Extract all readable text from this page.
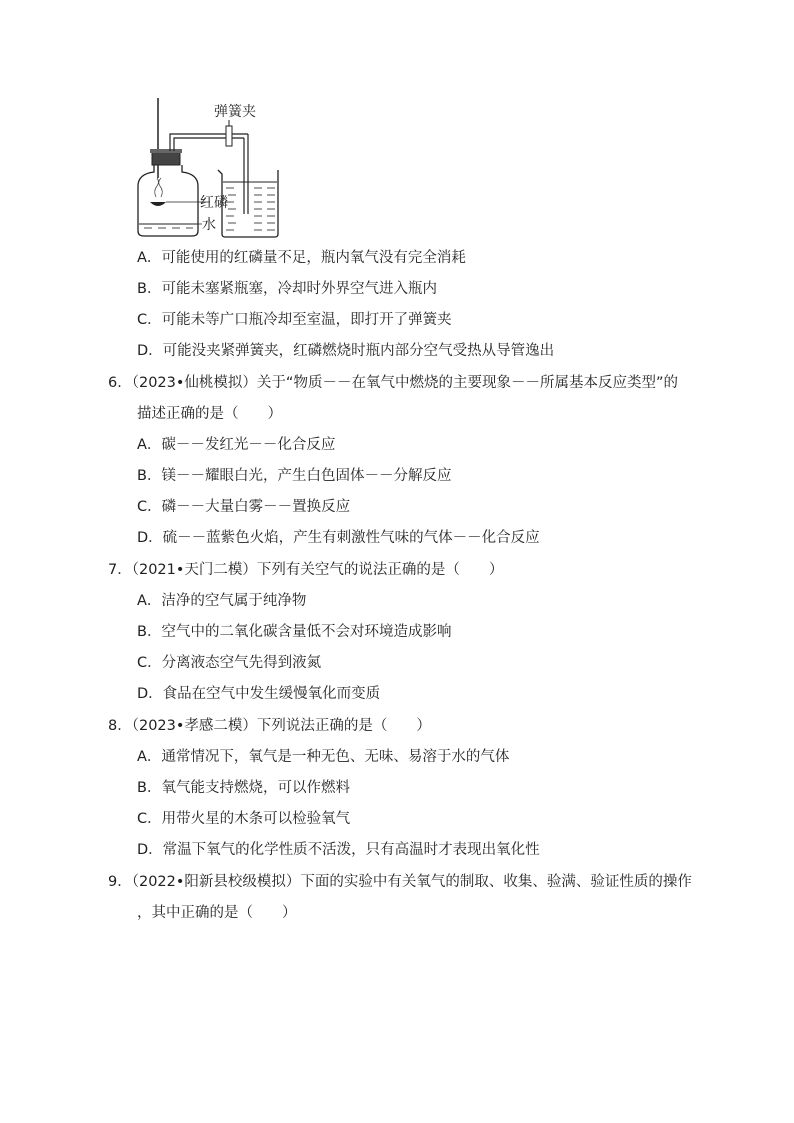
弹簧夹
红磷
水
A．可能使用的红磷量不足，瓶内氧气没有完全消耗
B．可能未塞紧瓶塞，冷却时外界空气进入瓶内
C．可能未等广口瓶冷却至室温，即打开了弹簧夹
D．可能没夹紧弹簧夹，红磷燃烧时瓶内部分空气受热从导管逸出
6．（2023•仙桃模拟）关于“物质－－在氧气中燃烧的主要现象－－所属基本反应类型”的
描述正确的是（　　）
A．碳－－发红光－－化合反应
B．镁－－耀眼白光，产生白色固体－－分解反应
C．磷－－大量白雾－－置换反应
D．硫－－蓝紫色火焰，产生有刺激性气味的气体－－化合反应
7．（2021•天门二模）下列有关空气的说法正确的是（　　）
A．洁净的空气属于纯净物
B．空气中的二氧化碳含量低不会对环境造成影响
C．分离液态空气先得到液氮
D．食品在空气中发生缓慢氧化而变质
8．（2023•孝感二模）下列说法正确的是（　　）
A．通常情况下，氧气是一种无色、无味、易溶于水的气体
B．氧气能支持燃烧，可以作燃料
C．用带火星的木条可以检验氧气
D．常温下氧气的化学性质不活泼，只有高温时才表现出氧化性
9．（2022•阳新县校级模拟）下面的实验中有关氧气的制取、收集、验满、验证性质的操作
，其中正确的是（　　）
